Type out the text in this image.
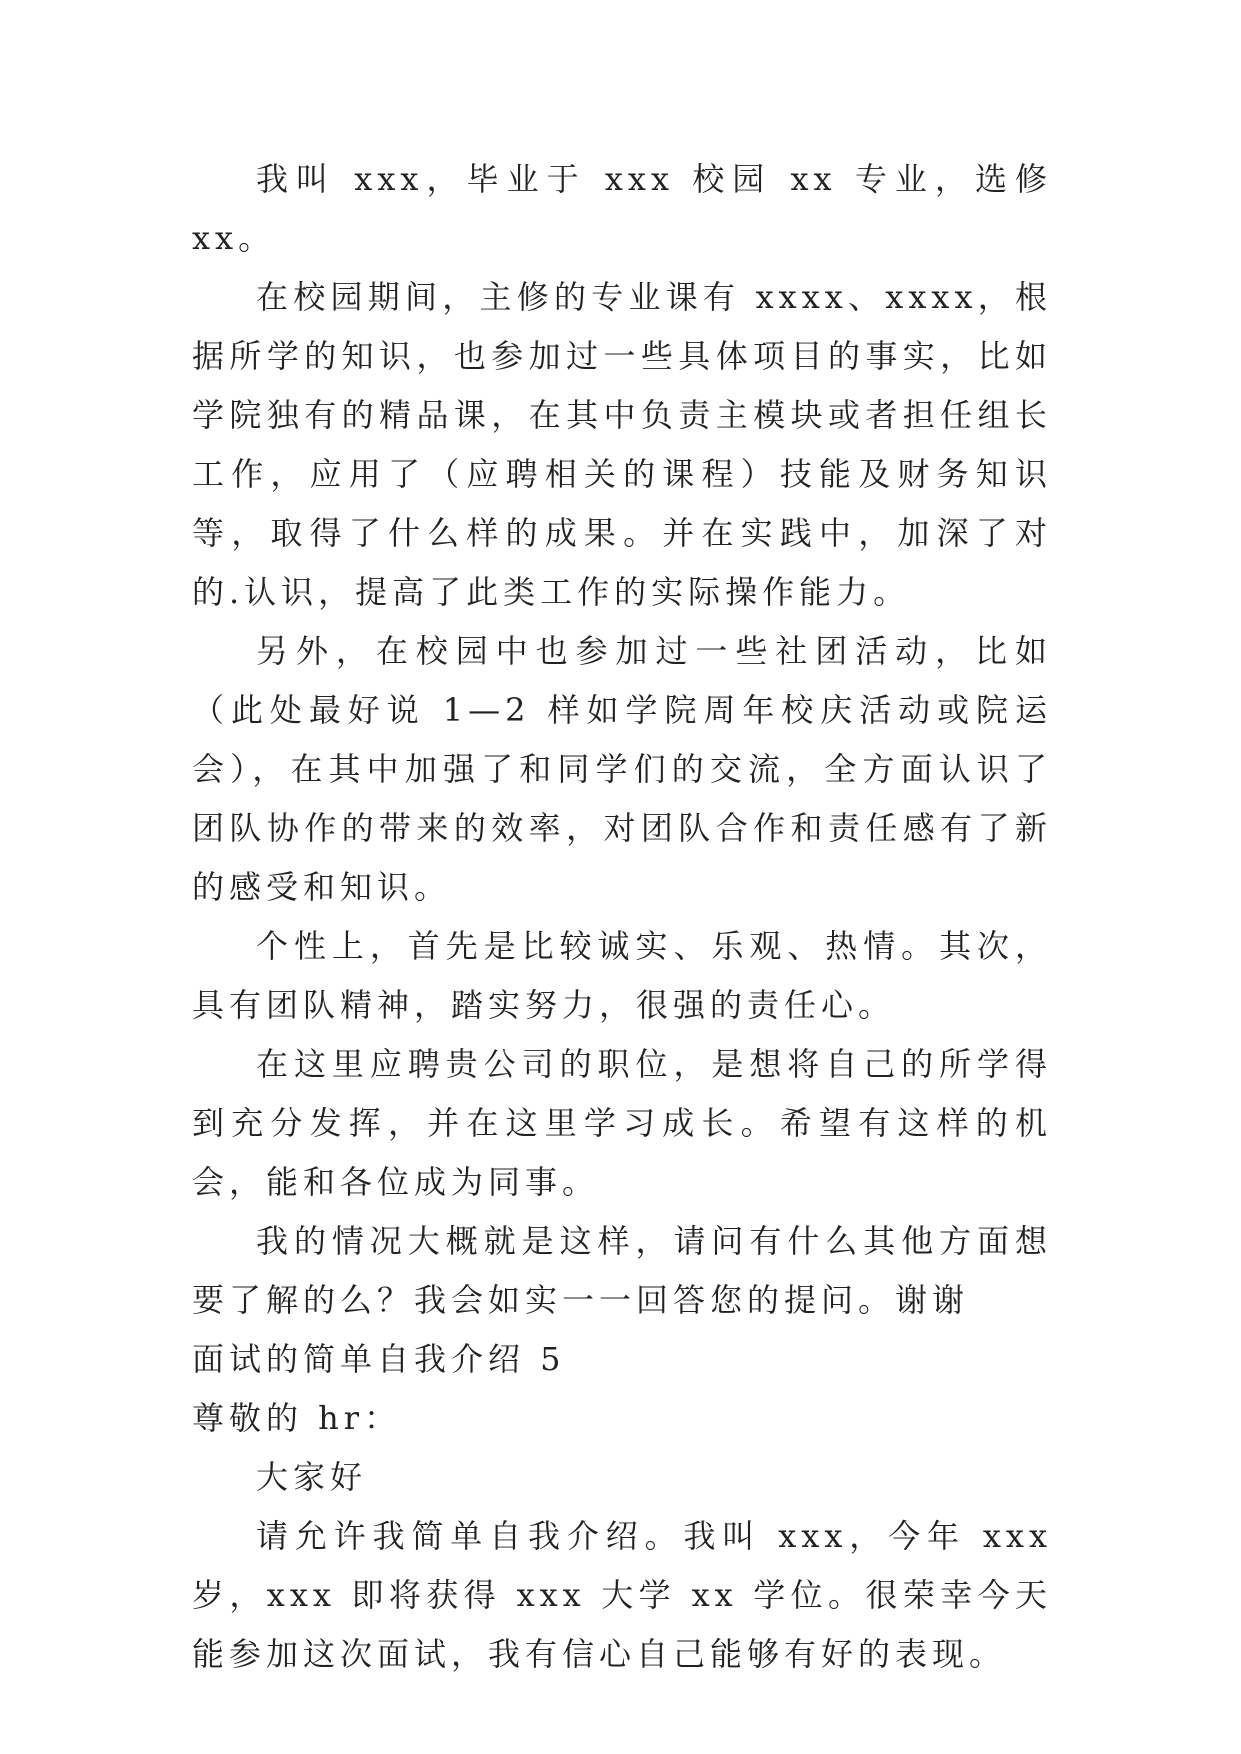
我叫 xxx，毕业于 xxx 校园 xx 专业，选修 xx。

在校园期间，主修的专业课有 xxxx、xxxx，根据所学的知识，也参加过一些具体项目的事实，比如学院独有的精品课，在其中负责主模块或者担任组长工作，应用了（应聘相关的课程）技能及财务知识等，取得了什么样的成果。并在实践中，加深了对的.认识，提高了此类工作的实际操作能力。

另外，在校园中也参加过一些社团活动，比如（此处最好说 1—2 样如学院周年校庆活动或院运会），在其中加强了和同学们的交流，全方面认识了团队协作的带来的效率，对团队合作和责任感有了新的感受和知识。

个性上，首先是比较诚实、乐观、热情。其次，具有团队精神，踏实努力，很强的责任心。

在这里应聘贵公司的职位，是想将自己的所学得到充分发挥，并在这里学习成长。希望有这样的机会，能和各位成为同事。

我的情况大概就是这样，请问有什么其他方面想要了解的么？我会如实一一回答您的提问。谢谢

面试的简单自我介绍 5

尊敬的 hr：

大家好

请允许我简单自我介绍。我叫 xxx，今年 xxx 岁，xxx 即将获得 xxx 大学 xx 学位。很荣幸今天能参加这次面试，我有信心自己能够有好的表现。
